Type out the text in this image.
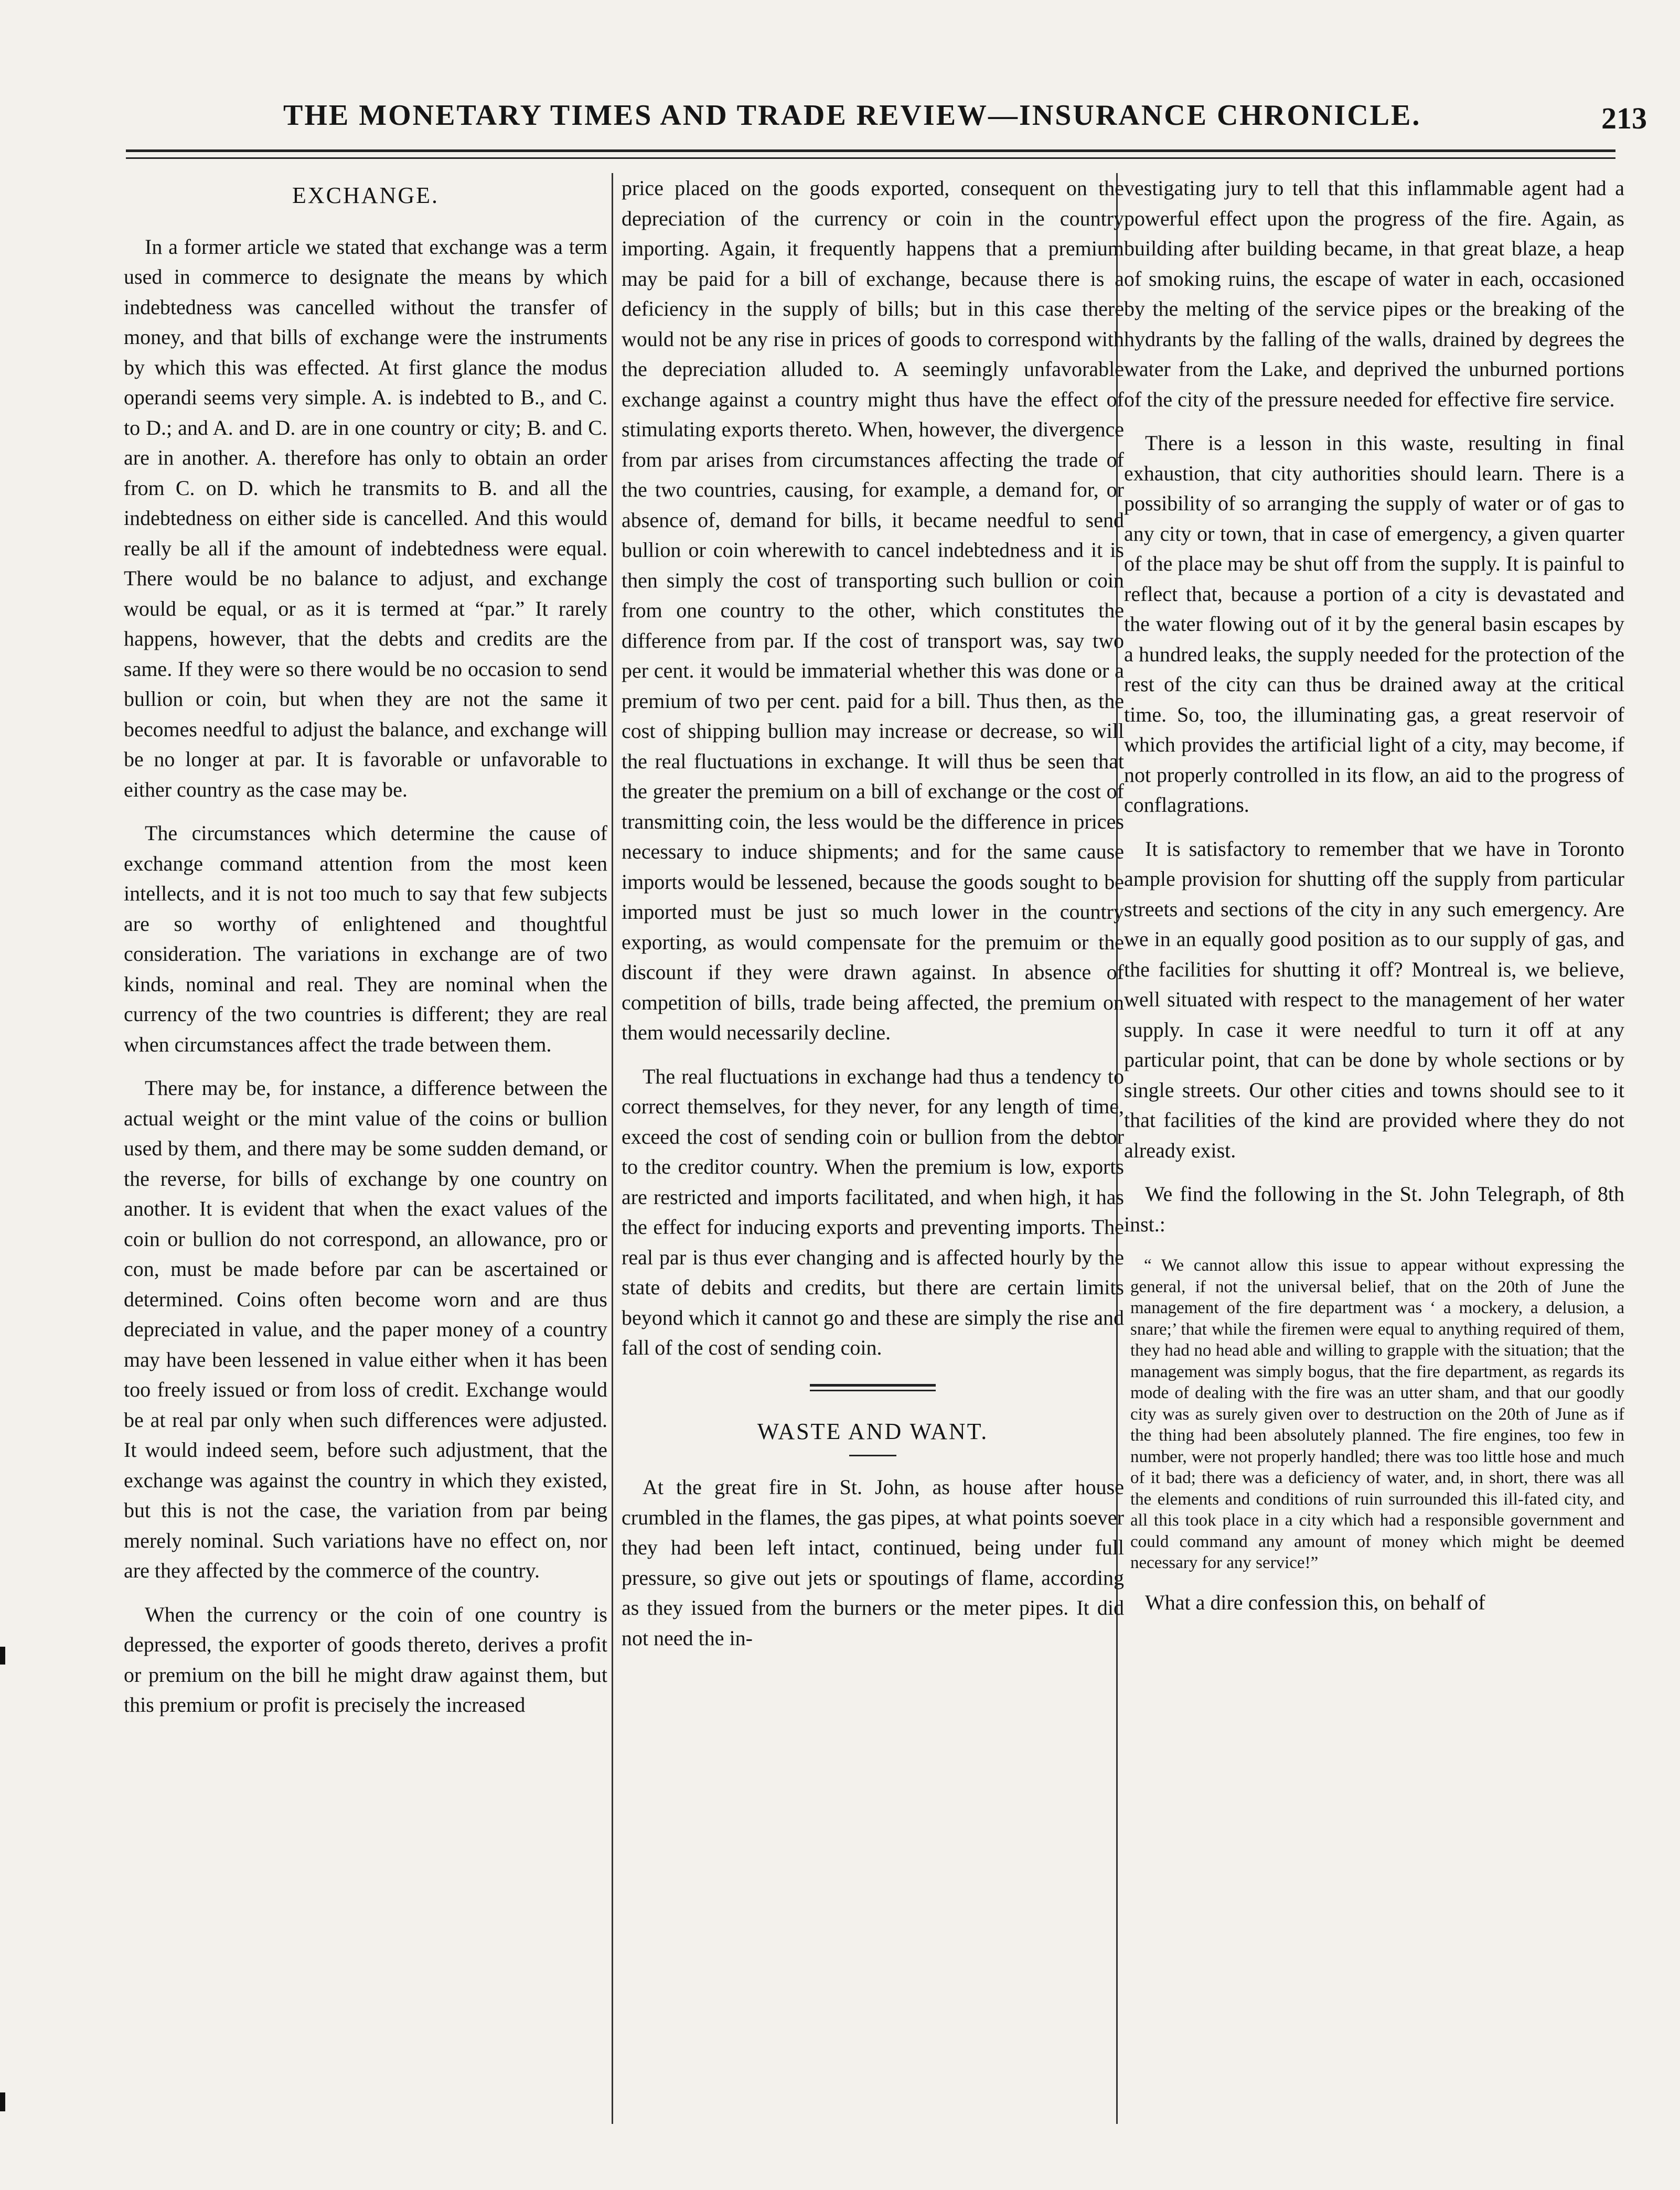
THE MONETARY TIMES AND TRADE REVIEW—INSURANCE CHRONICLE.	213
EXCHANGE.

In a former article we stated that exchange was a term used in commerce to designate the means by which indebtedness was cancelled without the transfer of money, and that bills of exchange were the instruments by which this was effected. At first glance the modus operandi seems very simple. A. is indebted to B., and C. to D.; and A. and D. are in one country or city; B. and C. are in another. A. therefore has only to obtain an order from C. on D. which he transmits to B. and all the indebtedness on either side is cancelled. And this would really be all if the amount of indebtedness were equal. There would be no balance to adjust, and exchange would be equal, or as it is termed at “par.” It rarely happens, however, that the debts and credits are the same. If they were so there would be no occasion to send bullion or coin, but when they are not the same it becomes needful to adjust the balance, and exchange will be no longer at par. It is favorable or unfavorable to either country as the case may be.

The circumstances which determine the cause of exchange command attention from the most keen intellects, and it is not too much to say that few subjects are so worthy of enlightened and thoughtful consideration. The variations in exchange are of two kinds, nominal and real. They are nominal when the currency of the two countries is different; they are real when circumstances affect the trade between them.

There may be, for instance, a difference between the actual weight or the mint value of the coins or bullion used by them, and there may be some sudden demand, or the reverse, for bills of exchange by one country on another. It is evident that when the exact values of the coin or bullion do not correspond, an allowance, pro or con, must be made before par can be ascertained or determined. Coins often become worn and are thus depreciated in value, and the paper money of a country may have been lessened in value either when it has been too freely issued or from loss of credit. Exchange would be at real par only when such differences were adjusted. It would indeed seem, before such adjustment, that the exchange was against the country in which they existed, but this is not the case, the variation from par being merely nominal. Such variations have no effect on, nor are they affected by the commerce of the country.

When the currency or the coin of one country is depressed, the exporter of goods thereto, derives a profit or premium on the bill he might draw against them, but this premium or profit is precisely the increased

price placed on the goods exported, consequent on the depreciation of the currency or coin in the country importing. Again, it frequently happens that a premium may be paid for a bill of exchange, because there is a deficiency in the supply of bills; but in this case there would not be any rise in prices of goods to correspond with the depreciation alluded to. A seemingly unfavorable exchange against a country might thus have the effect of stimulating exports thereto. When, however, the divergence from par arises from circumstances affecting the trade of the two countries, causing, for example, a demand for, or absence of, demand for bills, it became needful to send bullion or coin wherewith to cancel indebtedness and it is then simply the cost of transporting such bullion or coin from one country to the other, which constitutes the difference from par. If the cost of transport was, say two per cent. it would be immaterial whether this was done or a premium of two per cent. paid for a bill. Thus then, as the cost of shipping bullion may increase or decrease, so will the real fluctuations in exchange. It will thus be seen that the greater the premium on a bill of exchange or the cost of transmitting coin, the less would be the difference in prices necessary to induce shipments; and for the same cause imports would be lessened, because the goods sought to be imported must be just so much lower in the country exporting, as would compensate for the premuim or the discount if they were drawn against. In absence of competition of bills, trade being affected, the premium on them would necessarily decline.

The real fluctuations in exchange had thus a tendency to correct themselves, for they never, for any length of time, exceed the cost of sending coin or bullion from the debtor to the creditor country. When the premium is low, exports are restricted and imports facilitated, and when high, it has the effect for inducing exports and preventing imports. The real par is thus ever changing and is affected hourly by the state of debits and credits, but there are certain limits beyond which it cannot go and these are simply the rise and fall of the cost of sending coin.

WASTE AND WANT.

At the great fire in St. John, as house after house crumbled in the flames, the gas pipes, at what points soever they had been left intact, continued, being under full pressure, so give out jets or spoutings of flame, according as they issued from the burners or the meter pipes. It did not need the in-

vestigating jury to tell that this inflammable agent had a powerful effect upon the progress of the fire. Again, as building after building became, in that great blaze, a heap of smoking ruins, the escape of water in each, occasioned by the melting of the service pipes or the breaking of the hydrants by the falling of the walls, drained by degrees the water from the Lake, and deprived the unburned portions of the city of the pressure needed for effective fire service.

There is a lesson in this waste, resulting in final exhaustion, that city authorities should learn. There is a possibility of so arranging the supply of water or of gas to any city or town, that in case of emergency, a given quarter of the place may be shut off from the supply. It is painful to reflect that, because a portion of a city is devastated and the water flowing out of it by the general basin escapes by a hundred leaks, the supply needed for the protection of the rest of the city can thus be drained away at the critical time. So, too, the illuminating gas, a great reservoir of which provides the artificial light of a city, may become, if not properly controlled in its flow, an aid to the progress of conflagrations.

It is satisfactory to remember that we have in Toronto ample provision for shutting off the supply from particular streets and sections of the city in any such emergency. Are we in an equally good position as to our supply of gas, and the facilities for shutting it off? Montreal is, we believe, well situated with respect to the management of her water supply. In case it were needful to turn it off at any particular point, that can be done by whole sections or by single streets. Our other cities and towns should see to it that facilities of the kind are provided where they do not already exist.

We find the following in the St. John Telegraph, of 8th inst.:

“ We cannot allow this issue to appear without expressing the general, if not the universal belief, that on the 20th of June the management of the fire department was ‘ a mockery, a delusion, a snare;’ that while the firemen were equal to anything required of them, they had no head able and willing to grapple with the situation; that the management was simply bogus, that the fire department, as regards its mode of dealing with the fire was an utter sham, and that our goodly city was as surely given over to destruction on the 20th of June as if the thing had been absolutely planned. The fire engines, too few in number, were not properly handled; there was too little hose and much of it bad; there was a deficiency of water, and, in short, there was all the elements and conditions of ruin surrounded this ill-fated city, and all this took place in a city which had a responsible government and could command any amount of money which might be deemed necessary for any service!”

What a dire confession this, on behalf of
